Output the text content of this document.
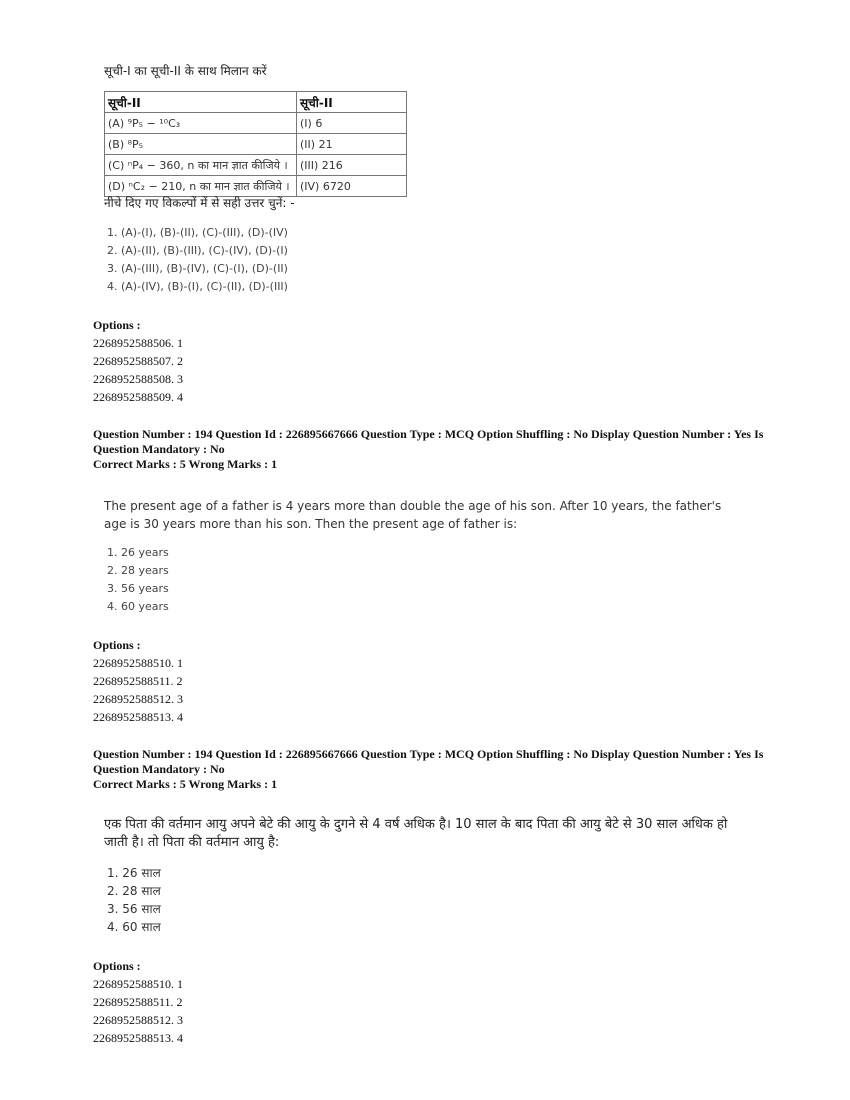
सूची-I का सूची-II के साथ मिलान करें
सूची-II	सूची-II
(A) ⁹P₅ − ¹⁰C₃	(I) 6
(B) ⁸P₅	(II) 21
(C) ⁿP₄ − 360, n का मान ज्ञात कीजिये ।	(III) 216
(D) ⁿC₂ − 210, n का मान ज्ञात कीजिये ।	(IV) 6720
नीचे दिए गए विकल्पों में से सही उत्तर चुनें: -
1. (A)-(I), (B)-(II), (C)-(III), (D)-(IV)
2. (A)-(II), (B)-(III), (C)-(IV), (D)-(I)
3. (A)-(III), (B)-(IV), (C)-(I), (D)-(II)
4. (A)-(IV), (B)-(I), (C)-(II), (D)-(III)
Options :
2268952588506. 1
2268952588507. 2
2268952588508. 3
2268952588509. 4
Question Number : 194 Question Id : 226895667666 Question Type : MCQ Option Shuffling : No Display Question Number : Yes Is Question Mandatory : No
Correct Marks : 5 Wrong Marks : 1
The present age of a father is 4 years more than double the age of his son. After 10 years, the father's age is 30 years more than his son. Then the present age of father is:
1. 26 years
2. 28 years
3. 56 years
4. 60 years
Options :
2268952588510. 1
2268952588511. 2
2268952588512. 3
2268952588513. 4
Question Number : 194 Question Id : 226895667666 Question Type : MCQ Option Shuffling : No Display Question Number : Yes Is Question Mandatory : No
Correct Marks : 5 Wrong Marks : 1
एक पिता की वर्तमान आयु अपने बेटे की आयु के दुगने से 4 वर्ष अधिक है। 10 साल के बाद पिता की आयु बेटे से 30 साल अधिक हो जाती है। तो पिता की वर्तमान आयु है:
1. 26 साल
2. 28 साल
3. 56 साल
4. 60 साल
Options :
2268952588510. 1
2268952588511. 2
2268952588512. 3
2268952588513. 4
